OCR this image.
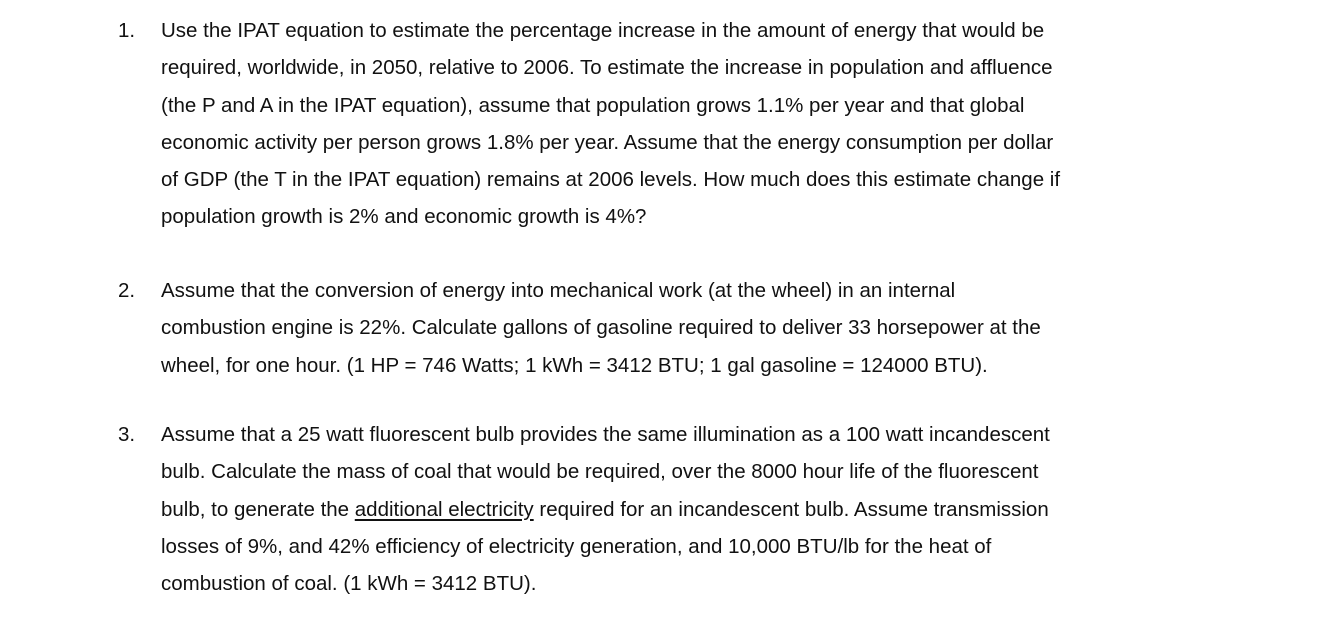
1.	Use the IPAT equation to estimate the percentage increase in the amount of energy that would be
required, worldwide, in 2050, relative to 2006. To estimate the increase in population and affluence
(the P and A in the IPAT equation), assume that population grows 1.1% per year and that global
economic activity per person grows 1.8% per year. Assume that the energy consumption per dollar
of GDP (the T in the IPAT equation) remains at 2006 levels. How much does this estimate change if
population growth is 2% and economic growth is 4%?
2.	Assume that the conversion of energy into mechanical work (at the wheel) in an internal
combustion engine is 22%. Calculate gallons of gasoline required to deliver 33 horsepower at the
wheel, for one hour. (1 HP = 746 Watts; 1 kWh = 3412 BTU; 1 gal gasoline = 124000 BTU).
3.	Assume that a 25 watt fluorescent bulb provides the same illumination as a 100 watt incandescent
bulb. Calculate the mass of coal that would be required, over the 8000 hour life of the fluorescent
bulb, to generate the additional electricity required for an incandescent bulb. Assume transmission
losses of 9%, and 42% efficiency of electricity generation, and 10,000 BTU/lb for the heat of
combustion of coal. (1 kWh = 3412 BTU).
